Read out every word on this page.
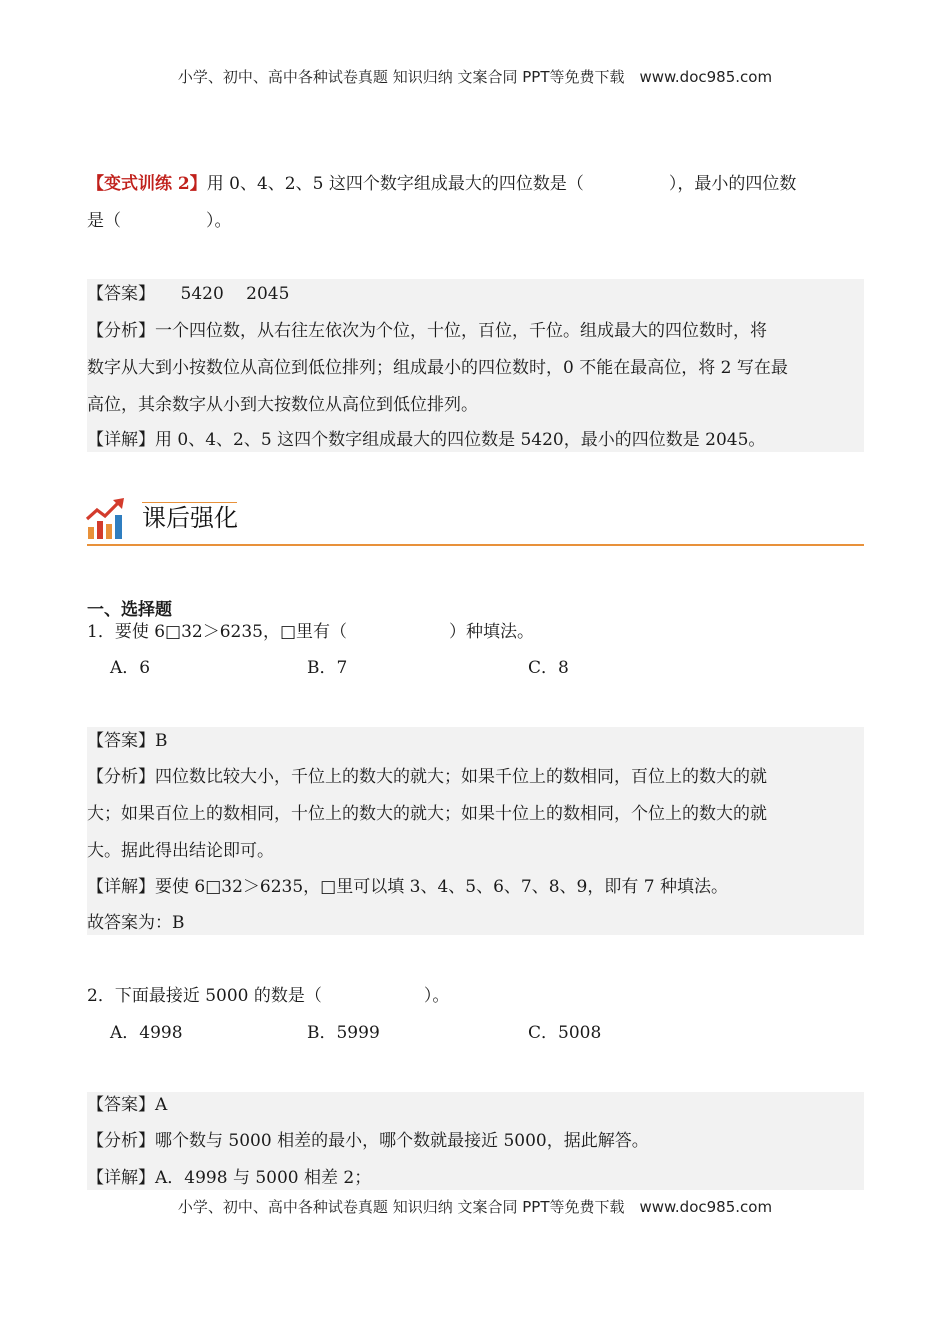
小学、初中、高中各种试卷真题 知识归纳 文案合同 PPT等免费下载　www.doc985.com
【变式训练 2】用 0、4、2、5 这四个数字组成最大的四位数是（　　　　　），最小的四位数
是（　　　　　）。
【答案】　　5420　 2045
【分析】一个四位数，从右往左依次为个位，十位，百位，千位。组成最大的四位数时，将
数字从大到小按数位从高位到低位排列；组成最小的四位数时，0 不能在最高位，将 2 写在最
高位，其余数字从小到大按数位从高位到低位排列。
【详解】用 0、4、2、5 这四个数字组成最大的四位数是 5420，最小的四位数是 2045。
课后强化
一、选择题
1．要使 6□32＞6235，□里有（　　　　　　）种填法。
A．6	B．7	C．8
【答案】B
【分析】四位数比较大小，千位上的数大的就大；如果千位上的数相同，百位上的数大的就
大；如果百位上的数相同，十位上的数大的就大；如果十位上的数相同，个位上的数大的就
大。据此得出结论即可。
【详解】要使 6□32＞6235，□里可以填 3、4、5、6、7、8、9，即有 7 种填法。
故答案为：B
2．下面最接近 5000 的数是（　　　　　　）。
A．4998	B．5999	C．5008
【答案】A
【分析】哪个数与 5000 相差的最小，哪个数就最接近 5000，据此解答。
【详解】A．4998 与 5000 相差 2；
小学、初中、高中各种试卷真题 知识归纳 文案合同 PPT等免费下载　www.doc985.com
